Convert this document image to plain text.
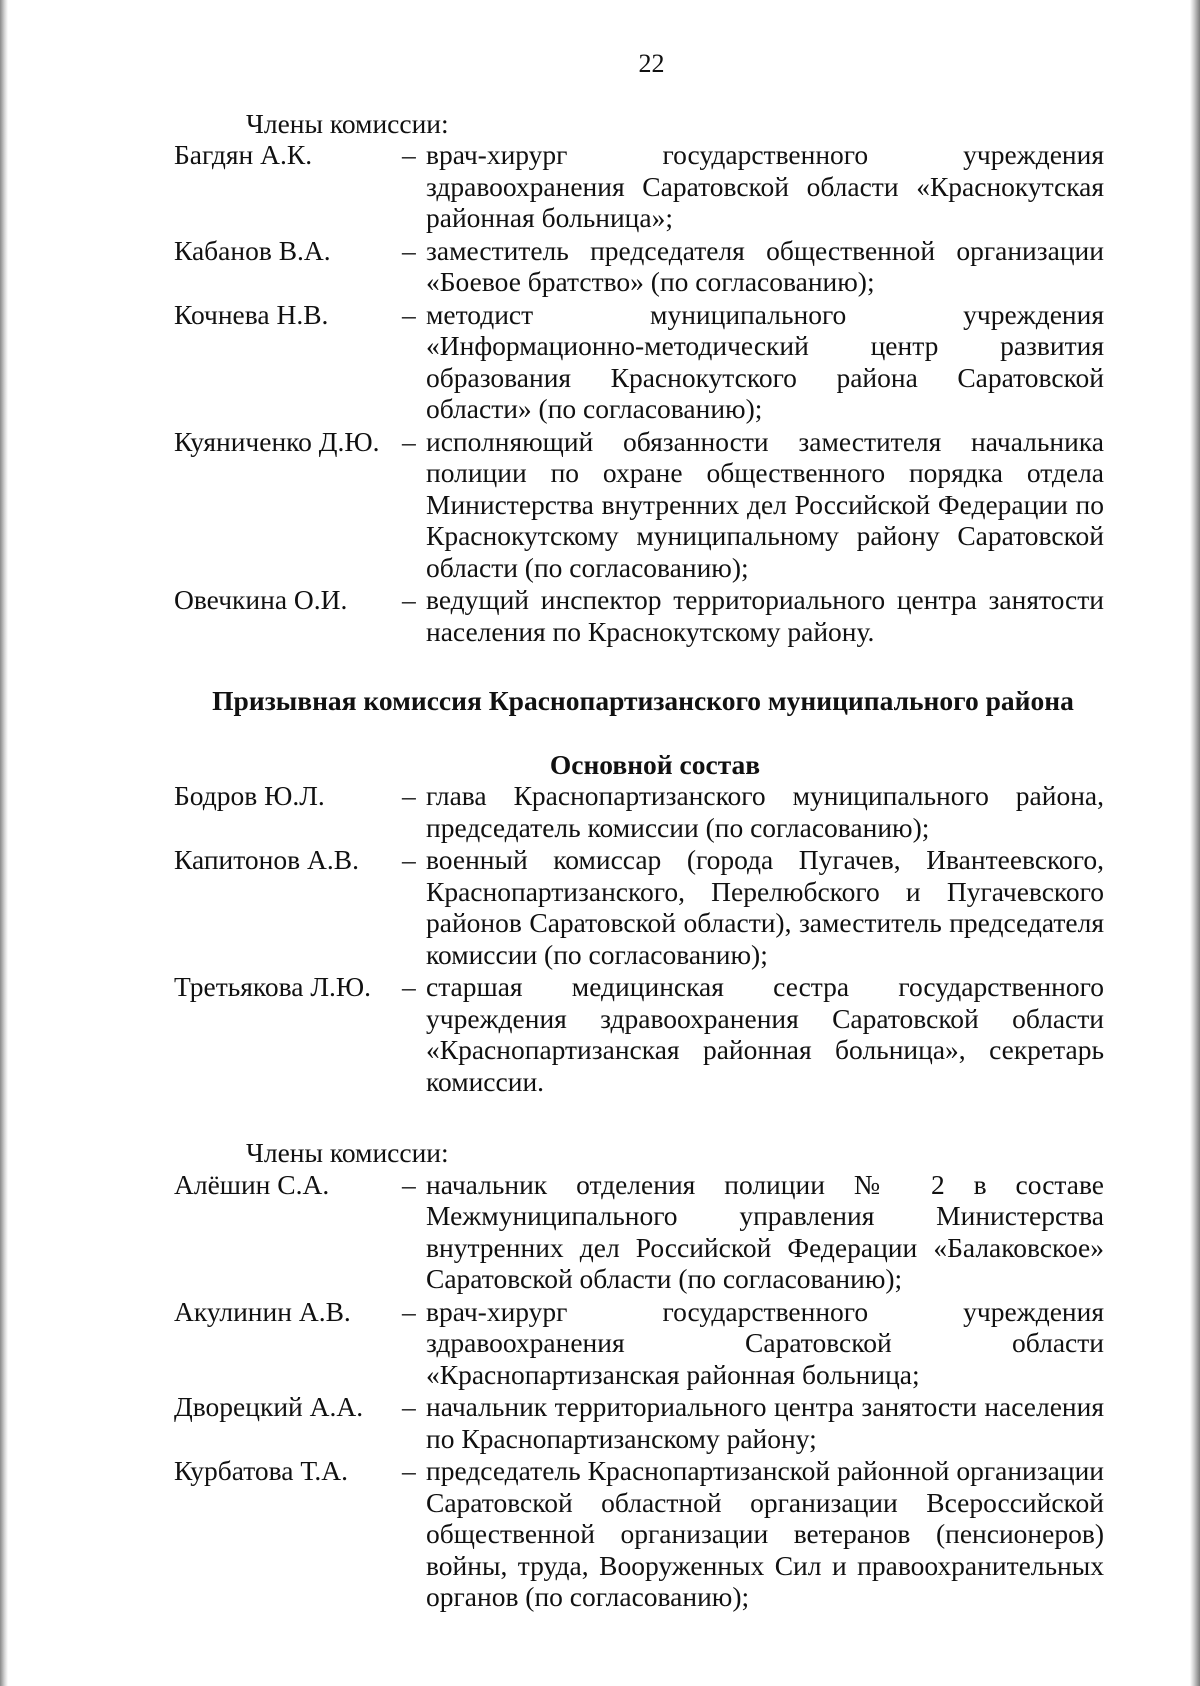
22

Члены комиссии:

Багдян А.К.	– врач-хирург государственного учреждения здравоохранения Саратовской области «Краснокутская районная больница»;
Кабанов В.А.	– заместитель председателя общественной организации «Боевое братство» (по согласованию);
Кочнева Н.В.	– методист муниципального учреждения «Информационно-методический центр развития образования Краснокутского района Саратовской области» (по согласованию);
Куяниченко Д.Ю. – исполняющий обязанности заместителя начальника полиции по охране общественного порядка отдела Министерства внутренних дел Российской Федерации по Краснокутскому муниципальному району Саратовской области (по согласованию);
Овечкина О.И.	– ведущий инспектор территориального центра занятости населения по Краснокутскому району.

Призывная комиссия Краснопартизанского муниципального района

Основной состав

Бодров Ю.Л.	– глава Краснопартизанского муниципального района, председатель комиссии (по согласованию);
Капитонов А.В.	– военный комиссар (города Пугачев, Ивантеевского, Краснопартизанского, Перелюбского и Пугачевского районов Саратовской области), заместитель председателя комиссии (по согласованию);
Третьякова Л.Ю.	– старшая медицинская сестра государственного учреждения здравоохранения Саратовской области «Краснопартизанская районная больница», секретарь комиссии.

Члены комиссии:

Алёшин С.А.	– начальник отделения полиции № 2 в составе Межмуниципального управления Министерства внутренних дел Российской Федерации «Балаковское» Саратовской области (по согласованию);
Акулинин А.В.	– врач-хирург государственного учреждения здравоохранения Саратовской области «Краснопартизанская районная больница;
Дворецкий А.А.	– начальник территориального центра занятости населения по Краснопартизанскому району;
Курбатова Т.А.	– председатель Краснопартизанской районной организации Саратовской областной организации Всероссийской общественной организации ветеранов (пенсионеров) войны, труда, Вооруженных Сил и правоохранительных органов (по согласованию);
